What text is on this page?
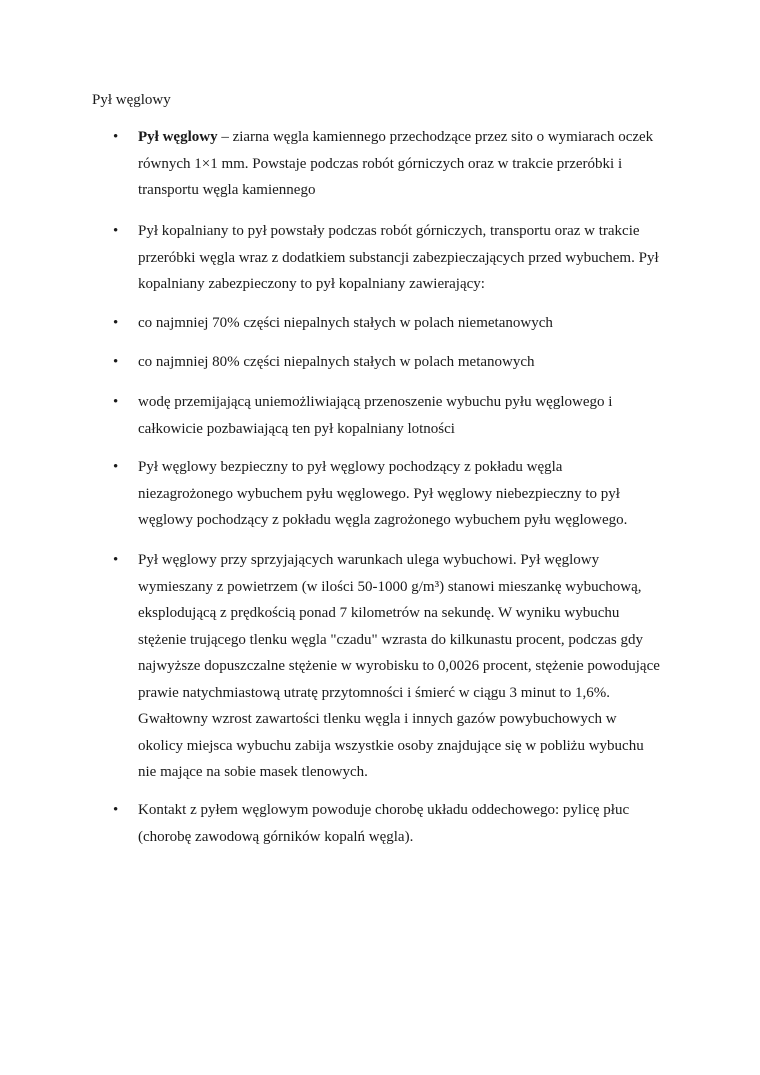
Pył węglowy
• Pył węglowy – ziarna węgla kamiennego przechodzące przez sito o wymiarach oczek
równych 1×1 mm. Powstaje podczas robót górniczych oraz w trakcie przeróbki i
transportu węgla kamiennego
• Pył kopalniany to pył powstały podczas robót górniczych, transportu oraz w trakcie
przeróbki węgla wraz z dodatkiem substancji zabezpieczających przed wybuchem. Pył
kopalniany zabezpieczony to pył kopalniany zawierający:
• co najmniej 70% części niepalnych stałych w polach niemetanowych
• co najmniej 80% części niepalnych stałych w polach metanowych
• wodę przemijającą uniemożliwiającą przenoszenie wybuchu pyłu węglowego i
całkowicie pozbawiającą ten pył kopalniany lotności
• Pył węglowy bezpieczny to pył węglowy pochodzący z pokładu węgla
niezagrożonego wybuchem pyłu węglowego. Pył węglowy niebezpieczny to pył
węglowy pochodzący z pokładu węgla zagrożonego wybuchem pyłu węglowego.
• Pył węglowy przy sprzyjających warunkach ulega wybuchowi. Pył węglowy
wymieszany z powietrzem (w ilości 50-1000 g/m³) stanowi mieszankę wybuchową,
eksplodującą z prędkością ponad 7 kilometrów na sekundę. W wyniku wybuchu
stężenie trującego tlenku węgla "czadu" wzrasta do kilkunastu procent, podczas gdy
najwyższe dopuszczalne stężenie w wyrobisku to 0,0026 procent, stężenie powodujące
prawie natychmiastową utratę przytomności i śmierć w ciągu 3 minut to 1,6%.
Gwałtowny wzrost zawartości tlenku węgla i innych gazów powybuchowych w
okolicy miejsca wybuchu zabija wszystkie osoby znajdujące się w pobliżu wybuchu
nie mające na sobie masek tlenowych.
• Kontakt z pyłem węglowym powoduje chorobę układu oddechowego: pylicę płuc
(chorobę zawodową górników kopalń węgla).
